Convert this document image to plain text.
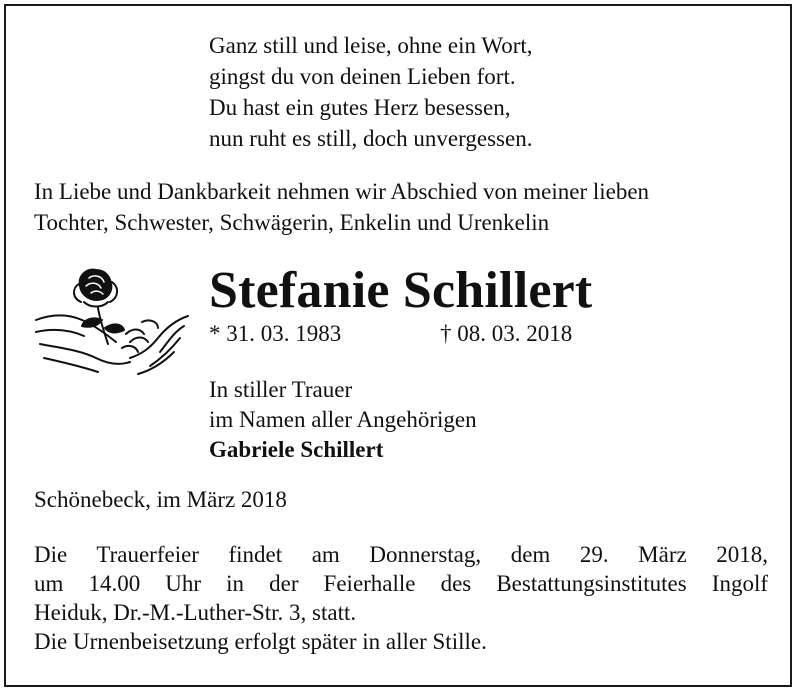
Ganz still und leise, ohne ein Wort,
gingst du von deinen Lieben fort.
Du hast ein gutes Herz besessen,
nun ruht es still, doch unvergessen.
In Liebe und Dankbarkeit nehmen wir Abschied von meiner lieben
Tochter, Schwester, Schwägerin, Enkelin und Urenkelin
Stefanie Schillert
* 31. 03. 1983	† 08. 03. 2018
In stiller Trauer
im Namen aller Angehörigen
Gabriele Schillert
Schönebeck, im März 2018
Die Trauerfeier findet am Donnerstag, dem 29. März 2018,
um 14.00 Uhr in der Feierhalle des Bestattungsinstitutes Ingolf
Heiduk, Dr.-M.-Luther-Str. 3, statt.
Die Urnenbeisetzung erfolgt später in aller Stille.
